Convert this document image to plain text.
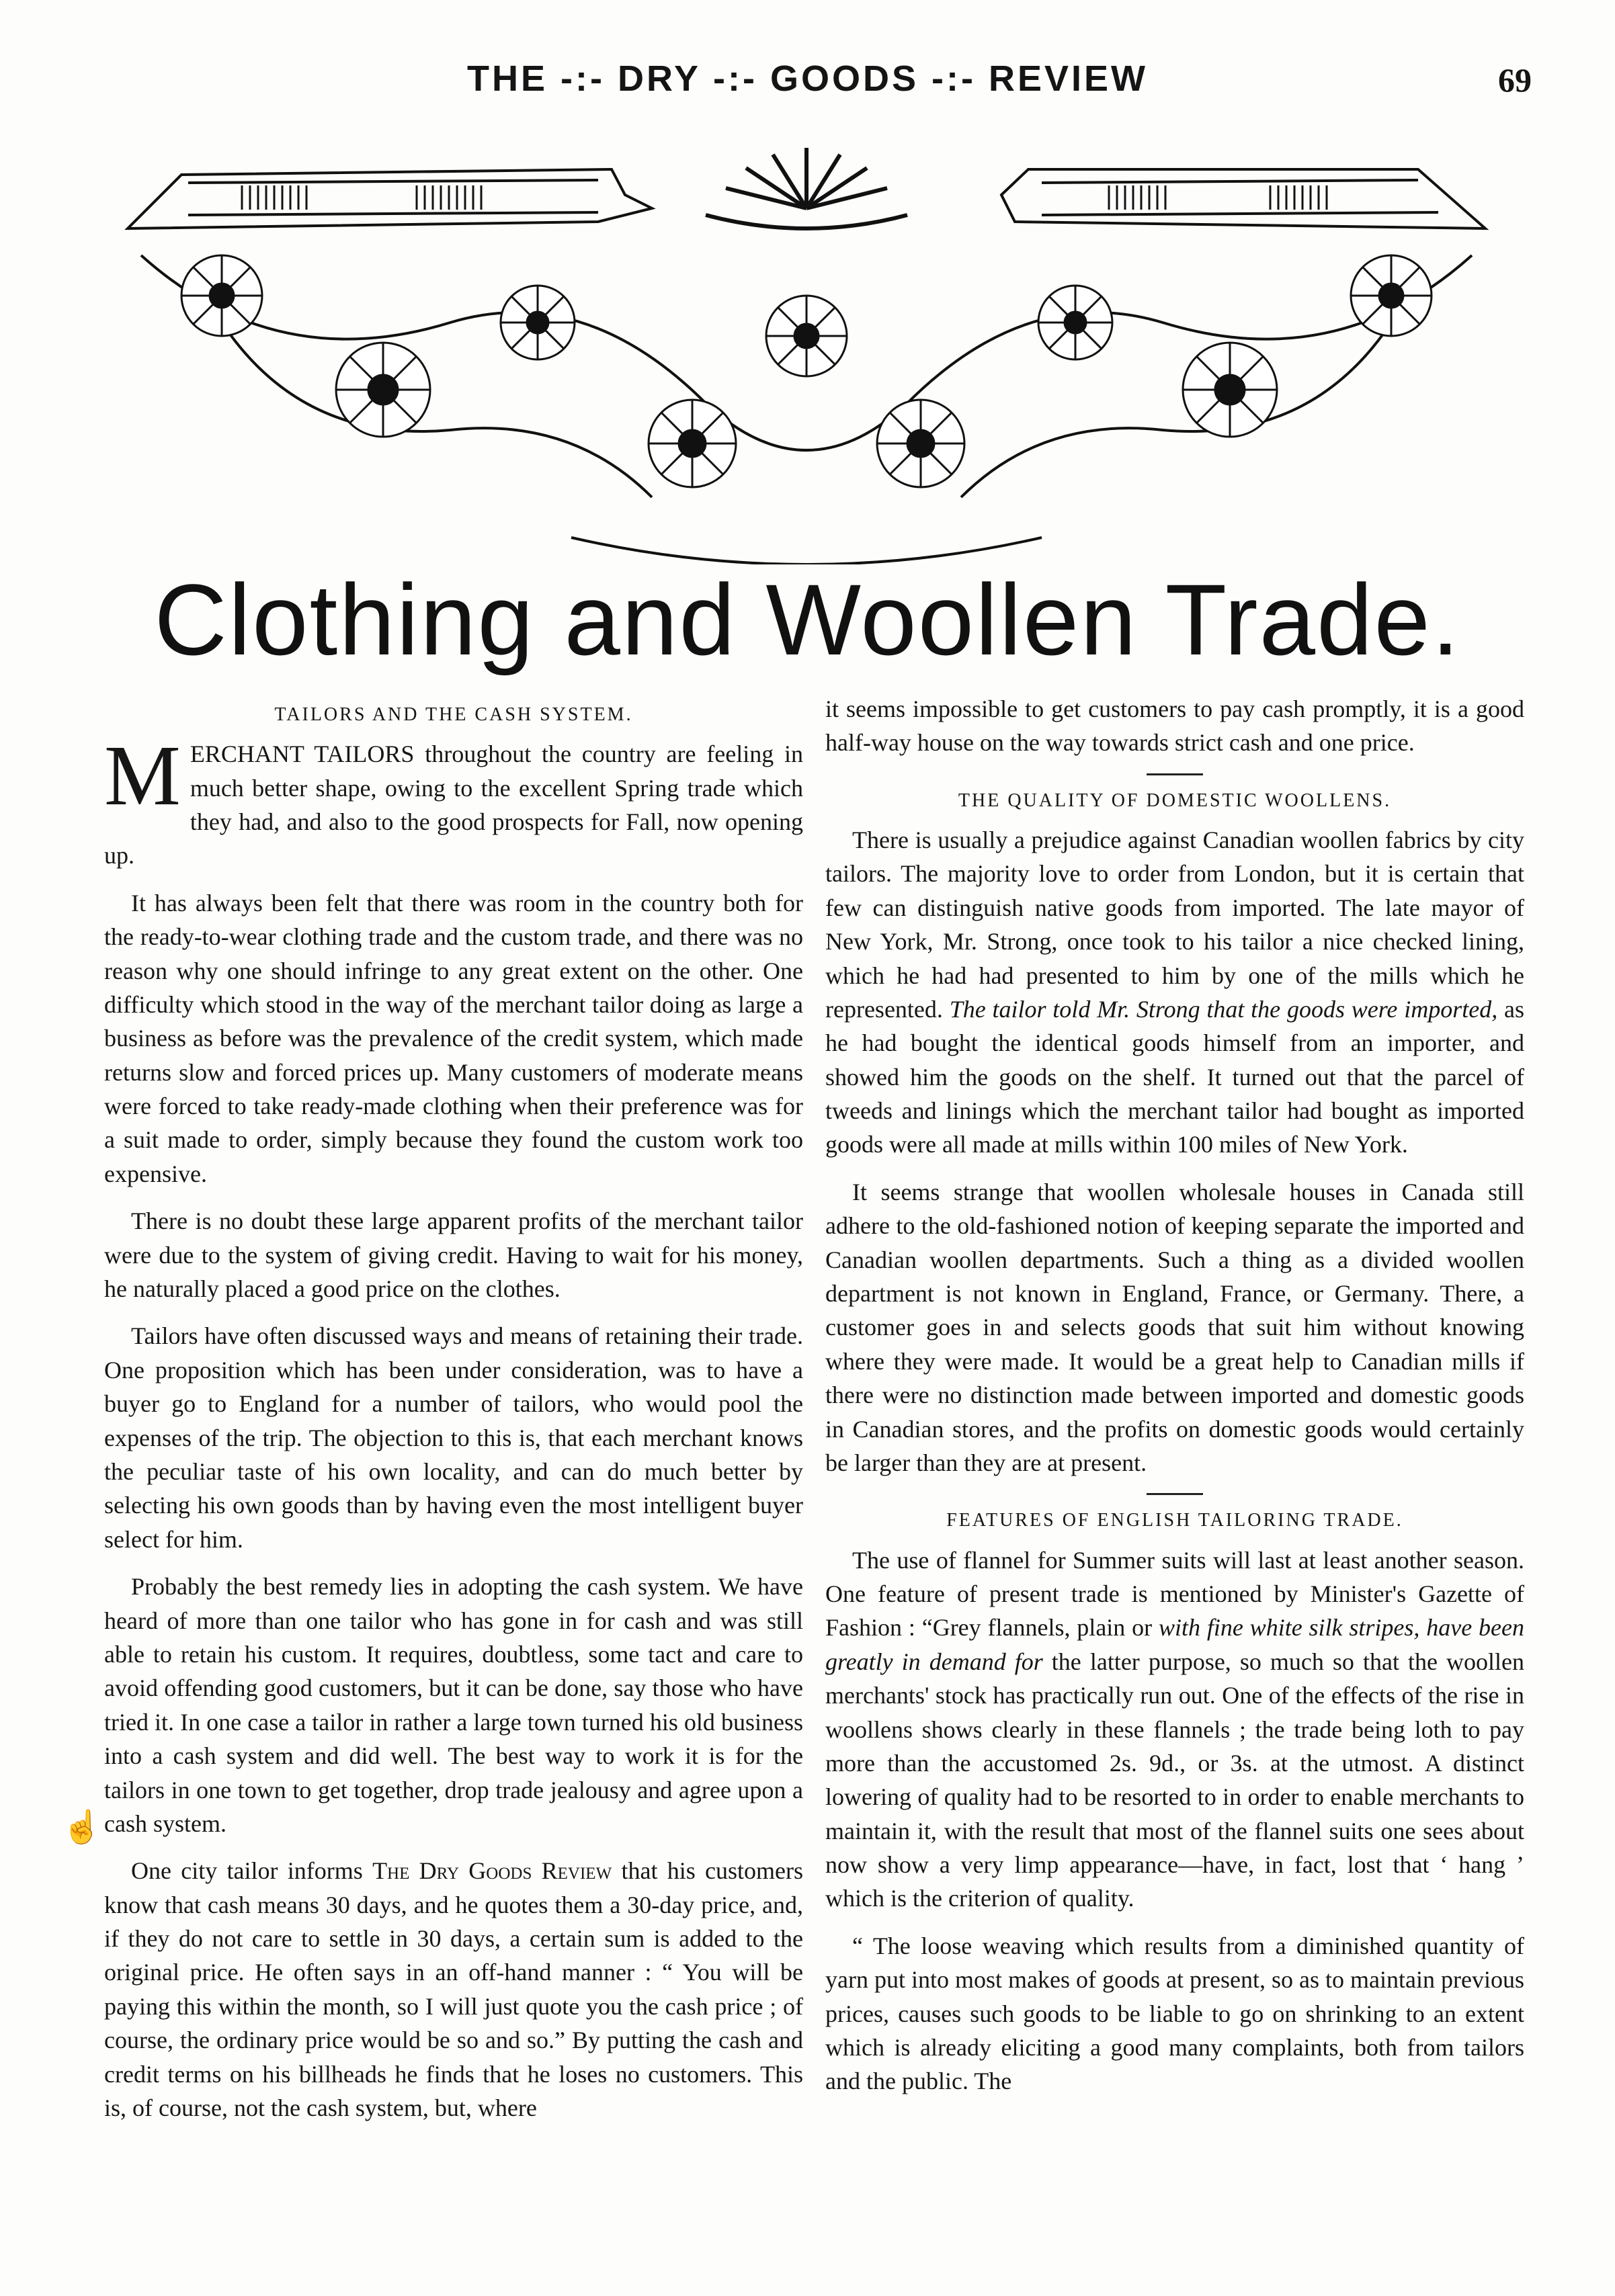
THE -:- DRY -:- GOODS -:- REVIEW	69
Clothing and Woollen Trade.
TAILORS AND THE CASH SYSTEM.

MERCHANT TAILORS throughout the country are feeling in much better shape, owing to the excellent Spring trade which they had, and also to the good prospects for Fall, now opening up.

It has always been felt that there was room in the country both for the ready-to-wear clothing trade and the custom trade, and there was no reason why one should infringe to any great extent on the other. One difficulty which stood in the way of the merchant tailor doing as large a business as before was the prevalence of the credit system, which made returns slow and forced prices up. Many customers of moderate means were forced to take ready-made clothing when their preference was for a suit made to order, simply because they found the custom work too expensive.

There is no doubt these large apparent profits of the merchant tailor were due to the system of giving credit. Having to wait for his money, he naturally placed a good price on the clothes.

Tailors have often discussed ways and means of retaining their trade. One proposition which has been under consideration, was to have a buyer go to England for a number of tailors, who would pool the expenses of the trip. The objection to this is, that each merchant knows the peculiar taste of his own locality, and can do much better by selecting his own goods than by having even the most intelligent buyer select for him.

Probably the best remedy lies in adopting the cash system. We have heard of more than one tailor who has gone in for cash and was still able to retain his custom. It requires, doubtless, some tact and care to avoid offending good customers, but it can be done, say those who have tried it. In one case a tailor in rather a large town turned his old business into a cash system and did well. The best way to work it is for the tailors in one town to get together, drop trade jealousy and agree upon a cash system.

One city tailor informs The Dry Goods Review that his customers know that cash means 30 days, and he quotes them a 30-day price, and, if they do not care to settle in 30 days, a certain sum is added to the original price. He often says in an off-hand manner : “ You will be paying this within the month, so I will just quote you the cash price ; of course, the ordinary price would be so and so.” By putting the cash and credit terms on his billheads he finds that he loses no customers. This is, of course, not the cash system, but, where

☝

it seems impossible to get customers to pay cash promptly, it is a good half-way house on the way towards strict cash and one price.

THE QUALITY OF DOMESTIC WOOLLENS.

There is usually a prejudice against Canadian woollen fabrics by city tailors. The majority love to order from London, but it is certain that few can distinguish native goods from imported. The late mayor of New York, Mr. Strong, once took to his tailor a nice checked lining, which he had had presented to him by one of the mills which he represented. The tailor told Mr. Strong that the goods were imported, as he had bought the identical goods himself from an importer, and showed him the goods on the shelf. It turned out that the parcel of tweeds and linings which the merchant tailor had bought as imported goods were all made at mills within 100 miles of New York.

It seems strange that woollen wholesale houses in Canada still adhere to the old-fashioned notion of keeping separate the imported and Canadian woollen departments. Such a thing as a divided woollen department is not known in England, France, or Germany. There, a customer goes in and selects goods that suit him without knowing where they were made. It would be a great help to Canadian mills if there were no distinction made between imported and domestic goods in Canadian stores, and the profits on domestic goods would certainly be larger than they are at present.

FEATURES OF ENGLISH TAILORING TRADE.

The use of flannel for Summer suits will last at least another season. One feature of present trade is mentioned by Minister's Gazette of Fashion : “Grey flannels, plain or with fine white silk stripes, have been greatly in demand for the latter purpose, so much so that the woollen merchants' stock has practically run out. One of the effects of the rise in woollens shows clearly in these flannels ; the trade being loth to pay more than the accustomed 2s. 9d., or 3s. at the utmost. A distinct lowering of quality had to be resorted to in order to enable merchants to maintain it, with the result that most of the flannel suits one sees about now show a very limp appearance—have, in fact, lost that ‘ hang ’ which is the criterion of quality.

“ The loose weaving which results from a diminished quantity of yarn put into most makes of goods at present, so as to maintain previous prices, causes such goods to be liable to go on shrinking to an extent which is already eliciting a good many complaints, both from tailors and the public. The
